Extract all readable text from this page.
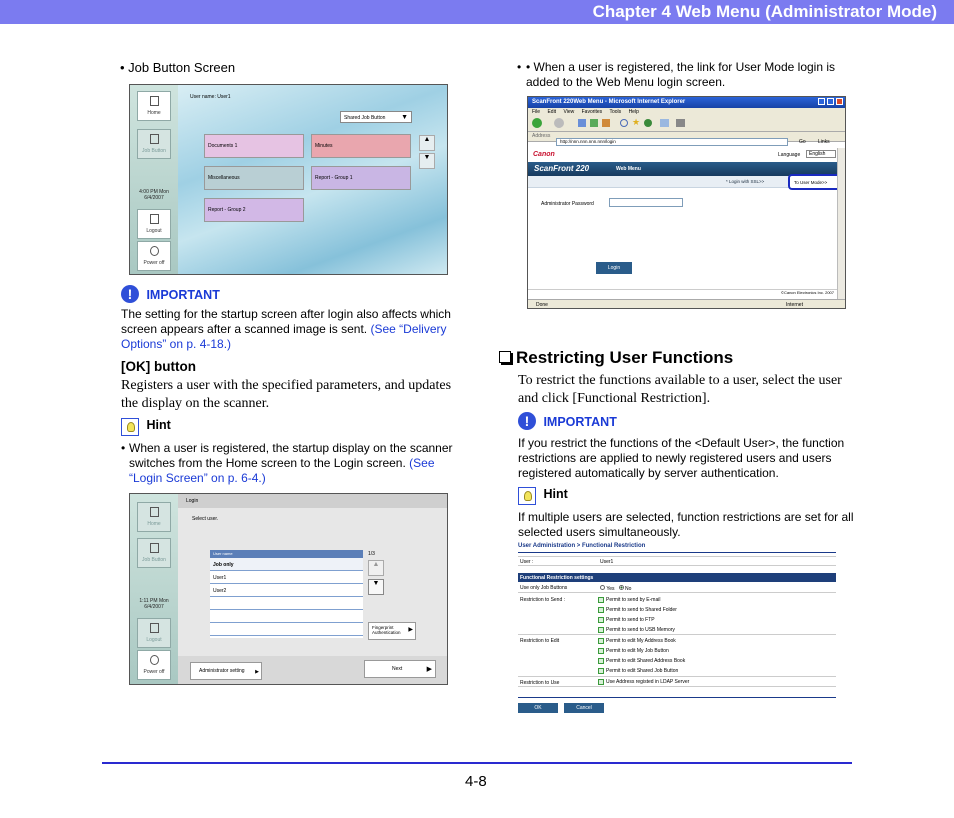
Chapter 4 Web Menu (Administrator Mode)
• Job Button Screen
Home
Job Button
4:00 PM Mon
6/4/2007
Logout
Power off
User name: User1
Shared Job Button ▼
Documents 1	Minutes
Miscellaneous	Report - Group 1
Report - Group 2
▲
▼
! IMPORTANT
The setting for the startup screen after login also affects which screen appears after a scanned image is sent. (See “Delivery Options” on p. 4-18.)
[OK] button
Registers a user with the specified parameters, and updates the display on the scanner.
$^{Hint}$
• When a user is registered, the startup display on the scanner switches from the Home screen to the Login screen. (See “Login Screen” on p. 6-4.)
Home
Job Button
1:11 PM Mon
6/4/2007
Logout
Power off
Login
Select user.
User name
Job only
User1
User2
1/3
▲
▼
Fingerprint Authentication ▶
Administrator setting ▶	Next	▶
• • When a user is registered, the link for User Mode login is added to the Web Menu login screen.
ScanFront 220Web Menu - Microsoft Internet Explorer
File Edit View Favorites Tools Help
★
Address
http://nnn.nnn.nnn.nnn/login	Go Links
Canon	Language	English
ScanFront 220	Web Menu
* Login with SSL>>	To User Mode>>
Administrator Password
Login
©Canon Electronics Inc. 2007
Done	Internet
Restricting User Functions
To restrict the functions available to a user, select the user and click [Functional Restriction].
! IMPORTANT
If you restrict the functions of the <Default User>, the function restrictions are applied to newly registered users and users registered automatically by server authentication.
$^{Hint}$
If multiple users are selected, function restrictions are set for all selected users simultaneously.
User Administration > Functional Restriction
User :	User1
Functional Restriction settings
Use only Job Buttons	Yes No
Restriction to Send :	Permit to send by E-mail
Permit to send to Shared Folder
Permit to send to FTP
Permit to send to USB Memory
Restriction to Edit	Permit to edit My Address Book
Permit to edit My Job Button
Permit to edit Shared Address Book
Permit to edit Shared Job Button
Restriction to Use	Use Address registed in LDAP Server
OK	Cancel
4-8
